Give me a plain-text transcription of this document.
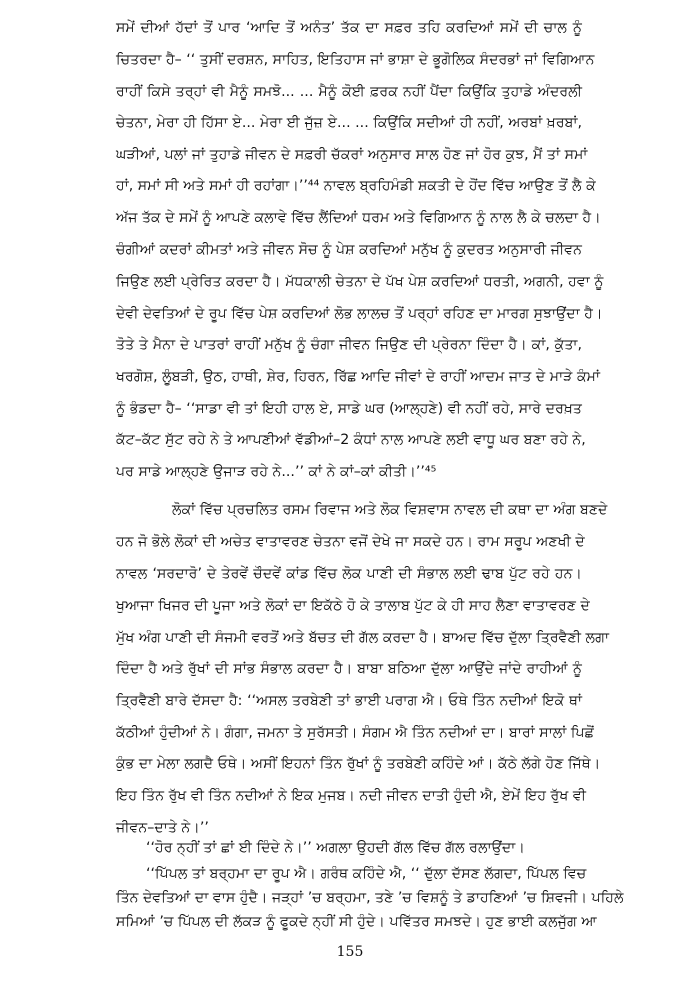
ਸਮੇਂ ਦੀਆਂ ਹੱਦਾਂ ਤੋਂ ਪਾਰ ‘ਆਦਿ ਤੋਂ ਅਨੰਤ’ ਤੱਕ ਦਾ ਸਫ਼ਰ ਤਹਿ ਕਰਦਿਆਂ ਸਮੇਂ ਦੀ ਚਾਲ ਨੂੰ
ਚਿਤਰਦਾ ਹੈ– ‘‘ ਤੁਸੀਂ ਦਰਸ਼ਨ, ਸਾਹਿਤ, ਇਤਿਹਾਸ ਜਾਂ ਭਾਸ਼ਾ ਦੇ ਭੂਗੋਲਿਕ ਸੰਦਰਭਾਂ ਜਾਂ ਵਿਗਿਆਨ
ਰਾਹੀਂ ਕਿਸੇ ਤਰ੍ਹਾਂ ਵੀ ਮੈਨੂੰ ਸਮਝੋ... ... ਮੈਨੂੰ ਕੋਈ ਫ਼ਰਕ ਨਹੀਂ ਪੈਂਦਾ ਕਿਉਂਕਿ ਤੁਹਾਡੇ ਅੰਦਰਲੀ
ਚੇਤਨਾ, ਮੇਰਾ ਹੀ ਹਿੱਸਾ ਏ... ਮੇਰਾ ਈ ਜੁੱਜ਼ ਏ... ... ਕਿਉਂਕਿ ਸਦੀਆਂ ਹੀ ਨਹੀਂ, ਅਰਬਾਂ ਖ਼ਰਬਾਂ,
ਘੜੀਆਂ, ਪਲਾਂ ਜਾਂ ਤੁਹਾਡੇ ਜੀਵਨ ਦੇ ਸਫ਼ਰੀ ਚੱਕਰਾਂ ਅਨੁਸਾਰ ਸਾਲ ਹੋਣ ਜਾਂ ਹੋਰ ਕੁਝ, ਮੈਂ ਤਾਂ ਸਮਾਂ
ਹਾਂ, ਸਮਾਂ ਸੀ ਅਤੇ ਸਮਾਂ ਹੀ ਰਹਾਂਗਾ।’’⁴⁴ ਨਾਵਲ ਬ੍ਰਹਿਮੰਡੀ ਸ਼ਕਤੀ ਦੇ ਹੋਂਦ ਵਿੱਚ ਆਉਣ ਤੋਂ ਲੈ ਕੇ
ਅੱਜ ਤੱਕ ਦੇ ਸਮੇਂ ਨੂੰ ਆਪਣੇ ਕਲਾਵੇ ਵਿੱਚ ਲੈਂਦਿਆਂ ਧਰਮ ਅਤੇ ਵਿਗਿਆਨ ਨੂੰ ਨਾਲ ਲੈ ਕੇ ਚਲਦਾ ਹੈ।
ਚੰਗੀਆਂ ਕਦਰਾਂ ਕੀਮਤਾਂ ਅਤੇ ਜੀਵਨ ਸੋਚ ਨੂੰ ਪੇਸ਼ ਕਰਦਿਆਂ ਮਨੁੱਖ ਨੂੰ ਕੁਦਰਤ ਅਨੁਸਾਰੀ ਜੀਵਨ
ਜਿਉਣ ਲਈ ਪ੍ਰੇਰਿਤ ਕਰਦਾ ਹੈ। ਮੱਧਕਾਲੀ ਚੇਤਨਾ ਦੇ ਪੱਖ ਪੇਸ਼ ਕਰਦਿਆਂ ਧਰਤੀ, ਅਗਨੀ, ਹਵਾ ਨੂੰ
ਦੇਵੀ ਦੇਵਤਿਆਂ ਦੇ ਰੂਪ ਵਿੱਚ ਪੇਸ਼ ਕਰਦਿਆਂ ਲੋਭ ਲਾਲਚ ਤੋਂ ਪਰ੍ਹਾਂ ਰਹਿਣ ਦਾ ਮਾਰਗ ਸੁਝਾਉਂਦਾ ਹੈ।
ਤੋਤੇ ਤੇ ਮੈਨਾ ਦੇ ਪਾਤਰਾਂ ਰਾਹੀਂ ਮਨੁੱਖ ਨੂੰ ਚੰਗਾ ਜੀਵਨ ਜਿਉਣ ਦੀ ਪ੍ਰੇਰਨਾ ਦਿੰਦਾ ਹੈ। ਕਾਂ, ਕੁੱਤਾ,
ਖਰਗੋਸ਼, ਲੂੰਬੜੀ, ਉਠ, ਹਾਥੀ, ਸ਼ੇਰ, ਹਿਰਨ, ਰਿੱਛ ਆਦਿ ਜੀਵਾਂ ਦੇ ਰਾਹੀਂ ਆਦਮ ਜਾਤ ਦੇ ਮਾੜੇ ਕੰਮਾਂ
ਨੂੰ ਭੰਡਦਾ ਹੈ– ‘‘ਸਾਡਾ ਵੀ ਤਾਂ ਇਹੀ ਹਾਲ ਏ, ਸਾਡੇ ਘਰ (ਆਲ੍ਹਣੇ) ਵੀ ਨਹੀਂ ਰਹੇ, ਸਾਰੇ ਦਰਖ਼ਤ
ਕੱਟ–ਕੱਟ ਸੁੱਟ ਰਹੇ ਨੇ ਤੇ ਆਪਣੀਆਂ ਵੱਡੀਆਂ–2 ਕੰਧਾਂ ਨਾਲ ਆਪਣੇ ਲਈ ਵਾਧੂ ਘਰ ਬਣਾ ਰਹੇ ਨੇ,
ਪਰ ਸਾਡੇ ਆਲ੍ਹਣੇ ਉਜਾੜ ਰਹੇ ਨੇ...’’ ਕਾਂ ਨੇ ਕਾਂ–ਕਾਂ ਕੀਤੀ।’’⁴⁵
ਲੋਕਾਂ ਵਿੱਚ ਪ੍ਰਚਲਿਤ ਰਸਮ ਰਿਵਾਜ ਅਤੇ ਲੋਕ ਵਿਸ਼ਵਾਸ ਨਾਵਲ ਦੀ ਕਥਾ ਦਾ ਅੰਗ ਬਣਦੇ
ਹਨ ਜੋ ਭੋਲੇ ਲੋਕਾਂ ਦੀ ਅਚੇਤ ਵਾਤਾਵਰਣ ਚੇਤਨਾ ਵਜੋਂ ਦੇਖੇ ਜਾ ਸਕਦੇ ਹਨ। ਰਾਮ ਸਰੂਪ ਅਣਖੀ ਦੇ
ਨਾਵਲ ‘ਸਰਦਾਰੋ’ ਦੇ ਤੇਰਵੇਂ ਚੌਦਵੇਂ ਕਾਂਡ ਵਿੱਚ ਲੋਕ ਪਾਣੀ ਦੀ ਸੰਭਾਲ ਲਈ ਢਾਬ ਪੁੱਟ ਰਹੇ ਹਨ।
ਖੁਆਜਾ ਖਿਜਰ ਦੀ ਪੂਜਾ ਅਤੇ ਲੋਕਾਂ ਦਾ ਇਕੱਠੇ ਹੋ ਕੇ ਤਾਲਾਬ ਪੁੱਟ ਕੇ ਹੀ ਸਾਹ ਲੈਣਾ ਵਾਤਾਵਰਣ ਦੇ
ਮੁੱਖ ਅੰਗ ਪਾਣੀ ਦੀ ਸੰਜਮੀ ਵਰਤੋਂ ਅਤੇ ਬੱਚਤ ਦੀ ਗੱਲ ਕਰਦਾ ਹੈ। ਬਾਅਦ ਵਿੱਚ ਦੁੱਲਾ ਤ੍ਰਿਵੈਣੀ ਲਗਾ
ਦਿੰਦਾ ਹੈ ਅਤੇ ਰੁੱਖਾਂ ਦੀ ਸਾਂਭ ਸੰਭਾਲ ਕਰਦਾ ਹੈ। ਬਾਬਾ ਬਠਿਆ ਦੁੱਲਾ ਆਉਂਦੇ ਜਾਂਦੇ ਰਾਹੀਆਂ ਨੂੰ
ਤ੍ਰਿਵੈਣੀ ਬਾਰੇ ਦੱਸਦਾ ਹੈ: ‘‘ਅਸਲ ਤਰਬੇਣੀ ਤਾਂ ਭਾਈ ਪਰਾਗ ਐ। ਓਥੇ ਤਿੰਨ ਨਦੀਆਂ ਇਕੋ ਥਾਂ
ਕੱਠੀਆਂ ਹੁੰਦੀਆਂ ਨੇ। ਗੰਗਾ, ਜਮਨਾ ਤੇ ਸੁਰੱਸਤੀ। ਸੰਗਮ ਐ ਤਿੰਨ ਨਦੀਆਂ ਦਾ। ਬਾਰਾਂ ਸਾਲਾਂ ਪਿਛੋਂ
ਕੁੰਭ ਦਾ ਮੇਲਾ ਲਗਦੈ ਓਥੇ। ਅਸੀਂ ਇਹਨਾਂ ਤਿੰਨ ਰੁੱਖਾਂ ਨੂੰ ਤਰਬੇਣੀ ਕਹਿੰਦੇ ਆਂ। ਕੱਠੇ ਲੱਗੇ ਹੋਣ ਜਿੱਥੇ।
ਇਹ ਤਿੰਨ ਰੁੱਖ ਵੀ ਤਿੰਨ ਨਦੀਆਂ ਨੇ ਇਕ ਮੁਜਬ। ਨਦੀ ਜੀਵਨ ਦਾਤੀ ਹੁੰਦੀ ਐ, ਏਮੇਂ ਇਹ ਰੁੱਖ ਵੀ
ਜੀਵਨ–ਦਾਤੇ ਨੇ।’’
‘‘ਹੋਰ ਨ੍ਹੀਂ ਤਾਂ ਛਾਂ ਈ ਦਿੰਦੇ ਨੇ।’’ ਅਗਲਾ ਉਹਦੀ ਗੱਲ ਵਿੱਚ ਗੱਲ ਰਲਾਉਂਦਾ।
‘‘ਪਿੱਪਲ ਤਾਂ ਬਰ੍ਹਮਾ ਦਾ ਰੂਪ ਐ। ਗਰੰਥ ਕਹਿੰਦੇ ਐ, ‘‘ ਦੁੱਲਾ ਦੱਸਣ ਲੱਗਦਾ, ਪਿੱਪਲ ਵਿਚ
ਤਿੰਨ ਦੇਵਤਿਆਂ ਦਾ ਵਾਸ ਹੁੰਦੈ। ਜੜ੍ਹਾਂ ’ਚ ਬਰ੍ਹਮਾ, ਤਣੇ ’ਚ ਵਿਸ਼ਨੂੰ ਤੇ ਡਾਹਣਿਆਂ ’ਚ ਸ਼ਿਵਜੀ। ਪਹਿਲੇ
ਸਮਿਆਂ ’ਚ ਪਿੱਪਲ ਦੀ ਲੱਕੜ ਨੂੰ ਫੂਕਦੇ ਨ੍ਹੀਂ ਸੀ ਹੁੰਦੇ। ਪਵਿੱਤਰ ਸਮਝਦੇ। ਹੁਣ ਭਾਈ ਕਲਜੁੱਗ ਆ
155
